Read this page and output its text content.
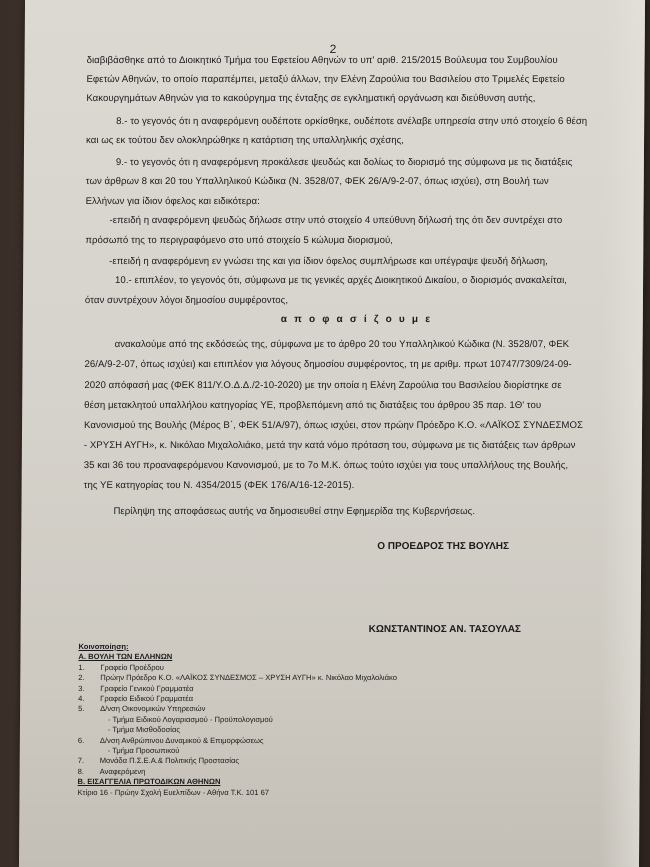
2
διαβιβάσθηκε από το Διοικητικό Τμήμα του Εφετείου Αθηνών το υπ' αριθ. 215/2015 Βούλευμα του Συμβουλίου
Εφετών Αθηνών, το οποίο παραπέμπει, μεταξύ άλλων, την Ελένη Ζαρούλια του Βασιλείου στο Τριμελές Εφετείο
Κακουργημάτων Αθηνών για το κακούργημα της ένταξης σε εγκληματική οργάνωση και διεύθυνση αυτής,
8.- το γεγονός ότι η αναφερόμενη ουδέποτε ορκίσθηκε, ουδέποτε ανέλαβε υπηρεσία στην υπό στοιχείο 6 θέση
και ως εκ τούτου δεν ολοκληρώθηκε η κατάρτιση της υπαλληλικής σχέσης,
9.- το γεγονός ότι η αναφερόμενη προκάλεσε ψευδώς και δολίως το διορισμό της σύμφωνα με τις διατάξεις
των άρθρων 8 και 20 του Υπαλληλικού Κώδικα (Ν. 3528/07, ΦΕΚ 26/Α/9-2-07, όπως ισχύει), στη Βουλή των
Ελλήνων για ίδιον όφελος και ειδικότερα:
-επειδή η αναφερόμενη ψευδώς δήλωσε στην υπό στοιχείο 4 υπεύθυνη δήλωσή της ότι δεν συντρέχει στο
πρόσωπό της το περιγραφόμενο στο υπό στοιχείο 5 κώλυμα διορισμού,
-επειδή η αναφερόμενη εν γνώσει της και για ίδιον όφελος συμπλήρωσε και υπέγραψε ψευδή δήλωση,
10.- επιπλέον, το γεγονός ότι, σύμφωνα με τις γενικές αρχές Διοικητικού Δικαίου, ο διορισμός ανακαλείται,
όταν συντρέχουν λόγοι δημοσίου συμφέροντος,
α π ο φ α σ ί ζ ο υ μ ε
ανακαλούμε από της εκδόσεώς της, σύμφωνα με το άρθρο 20 του Υπαλληλικού Κώδικα (Ν. 3528/07, ΦΕΚ
26/Α/9-2-07, όπως ισχύει) και επιπλέον για λόγους δημοσίου συμφέροντος, τη με αριθμ. πρωτ 10747/7309/24-09-
2020 απόφασή μας (ΦΕΚ 811/Υ.Ο.Δ.Δ./2-10-2020) με την οποία η Ελένη Ζαρούλια του Βασιλείου διορίστηκε σε
θέση μετακλητού υπαλλήλου κατηγορίας ΥΕ, προβλεπόμενη από τις διατάξεις του άρθρου 35 παρ. 1Θ' του
Κανονισμού της Βουλής (Μέρος Β΄, ΦΕΚ 51/Α/97), όπως ισχύει, στον πρώην Πρόεδρο Κ.Ο. «ΛΑΪΚΟΣ ΣΥΝΔΕΣΜΟΣ
- ΧΡΥΣΗ ΑΥΓΗ», κ. Νικόλαο Μιχαλολιάκο, μετά την κατά νόμο πρόταση του, σύμφωνα με τις διατάξεις των άρθρων
35 και 36 του προαναφερόμενου Κανονισμού, με το 7ο Μ.Κ. όπως τούτο ισχύει για τους υπαλλήλους της Βουλής,
της ΥΕ κατηγορίας του Ν. 4354/2015 (ΦΕΚ 176/Α/16-12-2015).
Περίληψη της αποφάσεως αυτής να δημοσιευθεί στην Εφημερίδα της Κυβερνήσεως.
Ο ΠΡΟΕΔΡΟΣ ΤΗΣ ΒΟΥΛΗΣ
ΚΩΝΣΤΑΝΤΙΝΟΣ ΑΝ. ΤΑΣΟΥΛΑΣ
Κοινοποίηση:
Α. ΒΟΥΛΗ ΤΩΝ ΕΛΛΗΝΩΝ
1. Γραφείο Προέδρου
2. Πρώην Πρόεδρο Κ.Ο. «ΛΑΪΚΟΣ ΣΥΝΔΕΣΜΟΣ – ΧΡΥΣΗ ΑΥΓΗ» κ. Νικόλαο Μιχαλολιάκο
3. Γραφείο Γενικού Γραμματέα
4. Γραφείο Ειδικού Γραμματέα
5. Δ/νση Οικονομικών Υπηρεσιών
- Τμήμα Ειδικού Λογαριασμού - Προϋπολογισμού
- Τμήμα Μισθοδοσίας
6. Δ/νση Ανθρώπινου Δυναμικού & Επιμορφώσεως
- Τμήμα Προσωπικού
7. Μονάδα Π.Σ.Ε.Α.& Πολιτικής Προστασίας
8. Αναφερόμενη
Β. ΕΙΣΑΓΓΕΛΙΑ ΠΡΩΤΟΔΙΚΩΝ ΑΘΗΝΩΝ
Κτίριο 16 - Πρώην Σχολή Ευελπίδων - Αθήνα Τ.Κ. 101 67
